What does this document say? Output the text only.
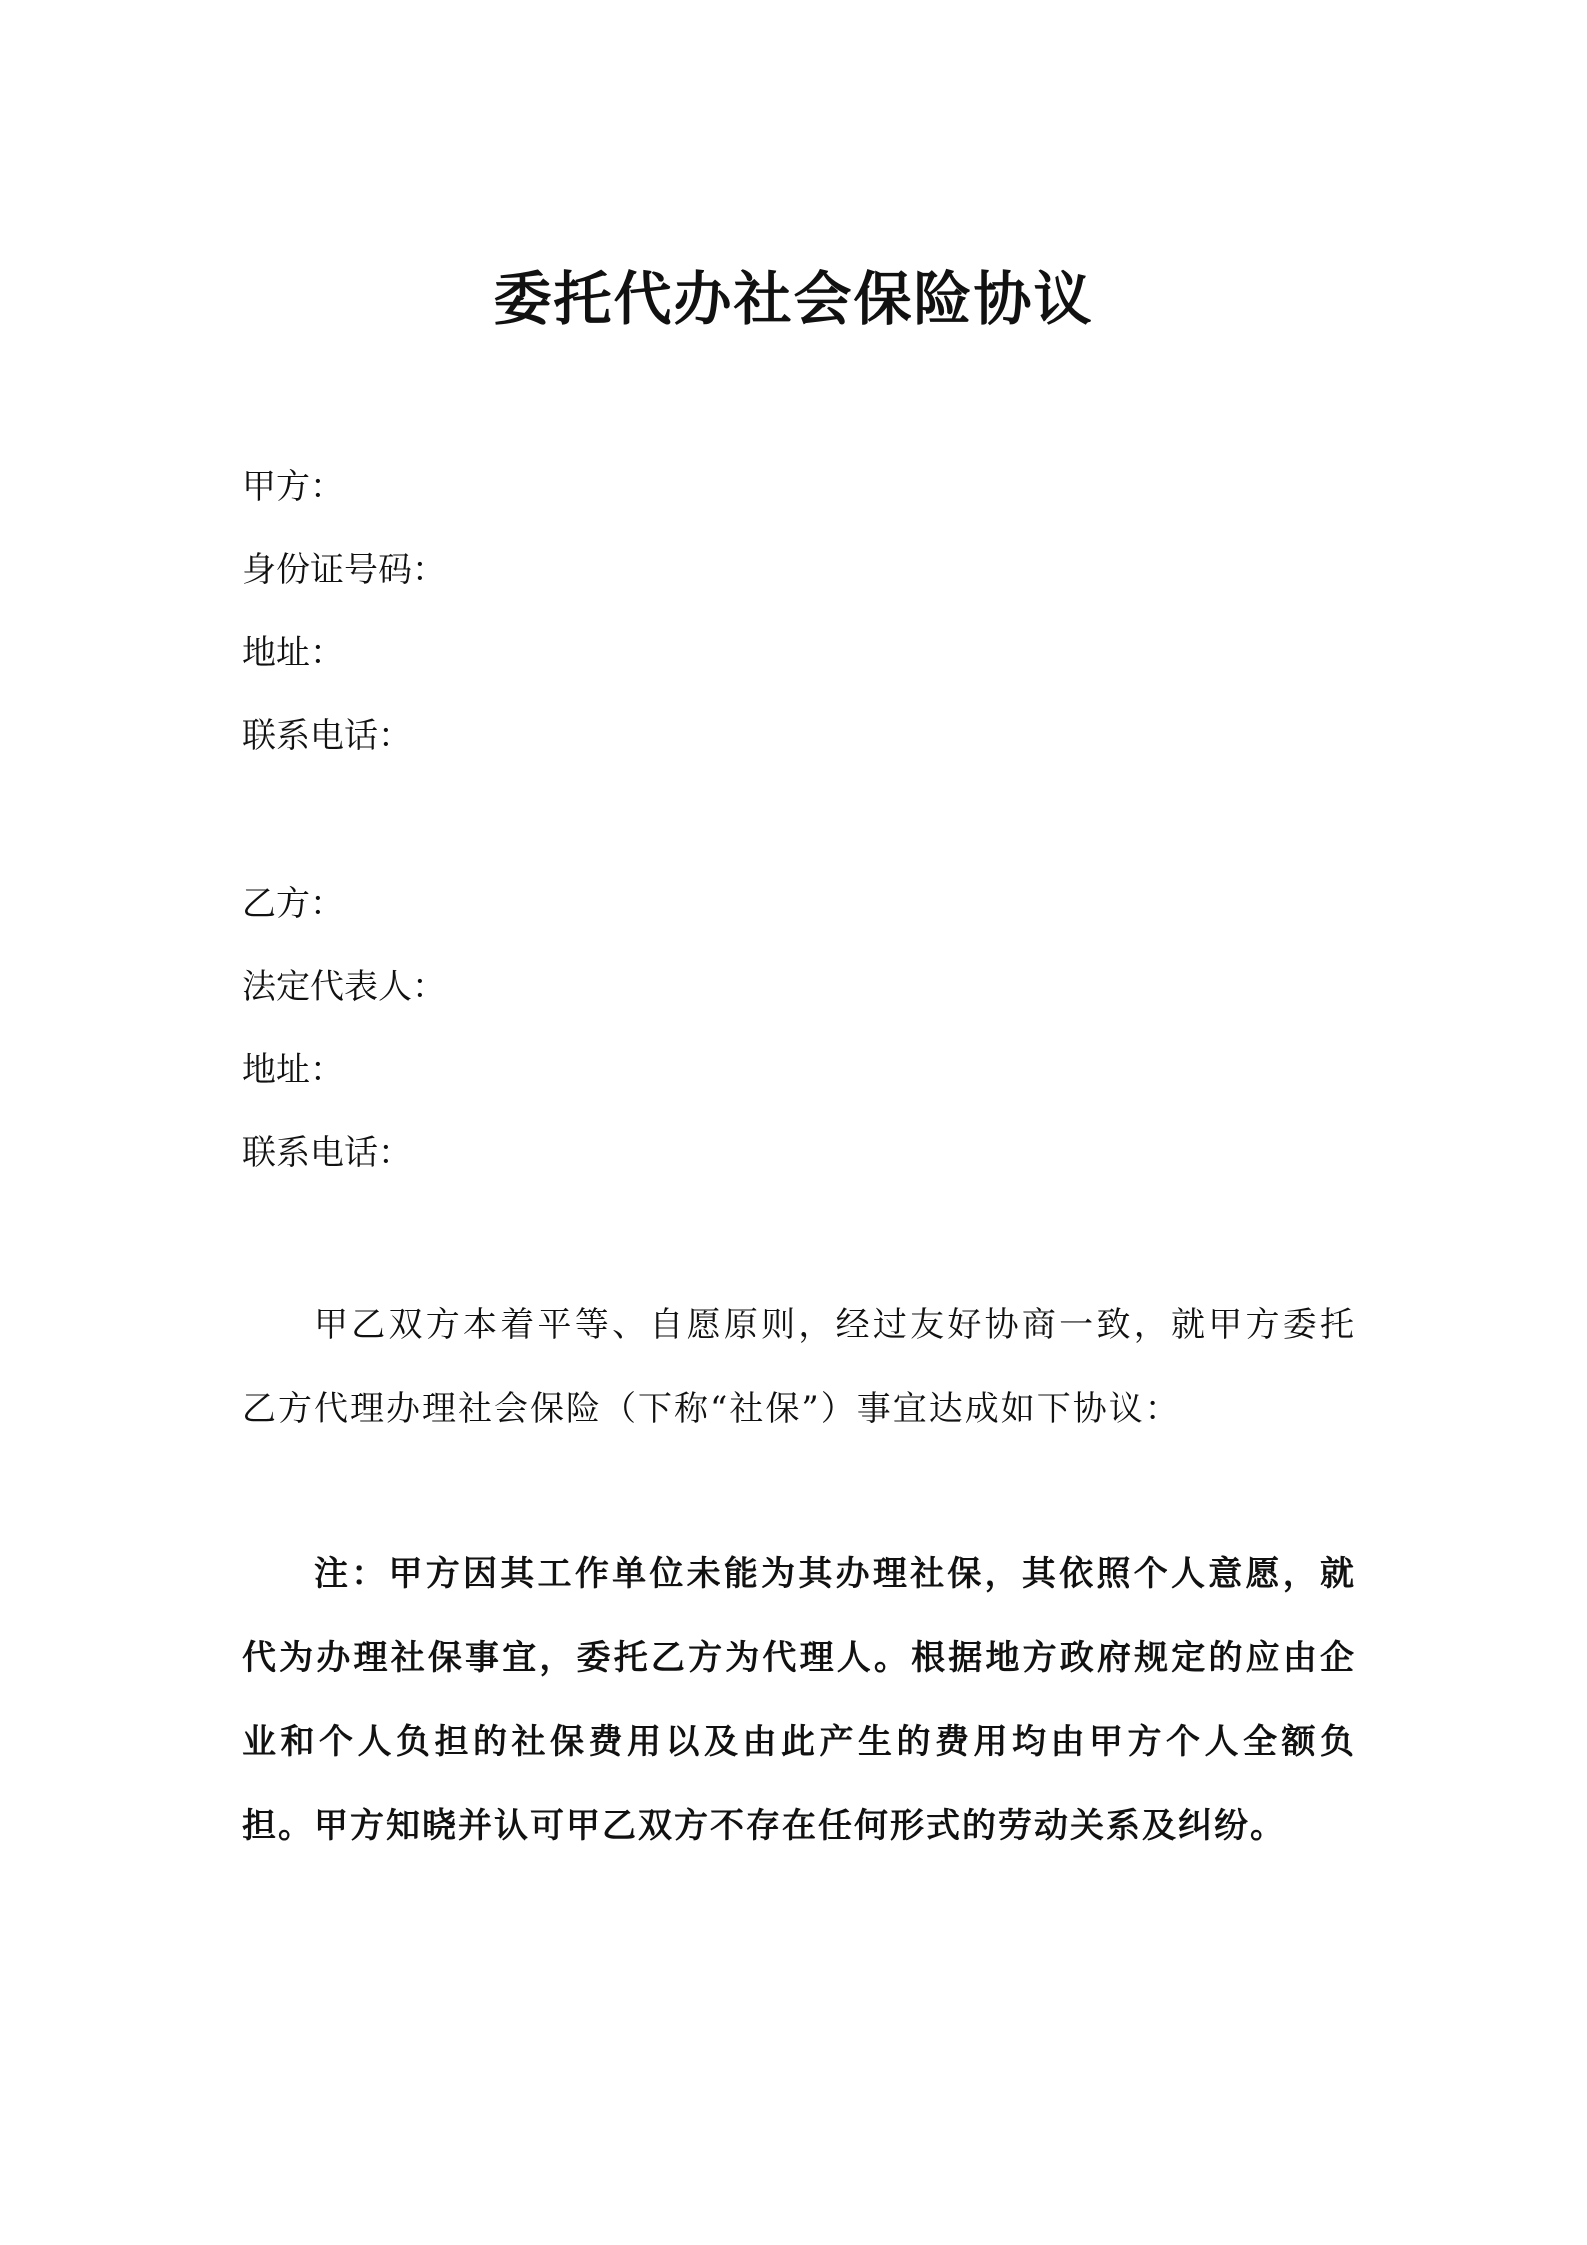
委托代办社会保险协议
甲方：
身份证号码：
地址：
联系电话：
乙方：
法定代表人：
地址：
联系电话：
甲乙双方本着平等、自愿原则，经过友好协商一致，就甲方委托乙方代理办理社会保险（下称“社保”）事宜达成如下协议：
注：甲方因其工作单位未能为其办理社保，其依照个人意愿，就代为办理社保事宜，委托乙方为代理人。根据地方政府规定的应由企业和个人负担的社保费用以及由此产生的费用均由甲方个人全额负担。甲方知晓并认可甲乙双方不存在任何形式的劳动关系及纠纷。
